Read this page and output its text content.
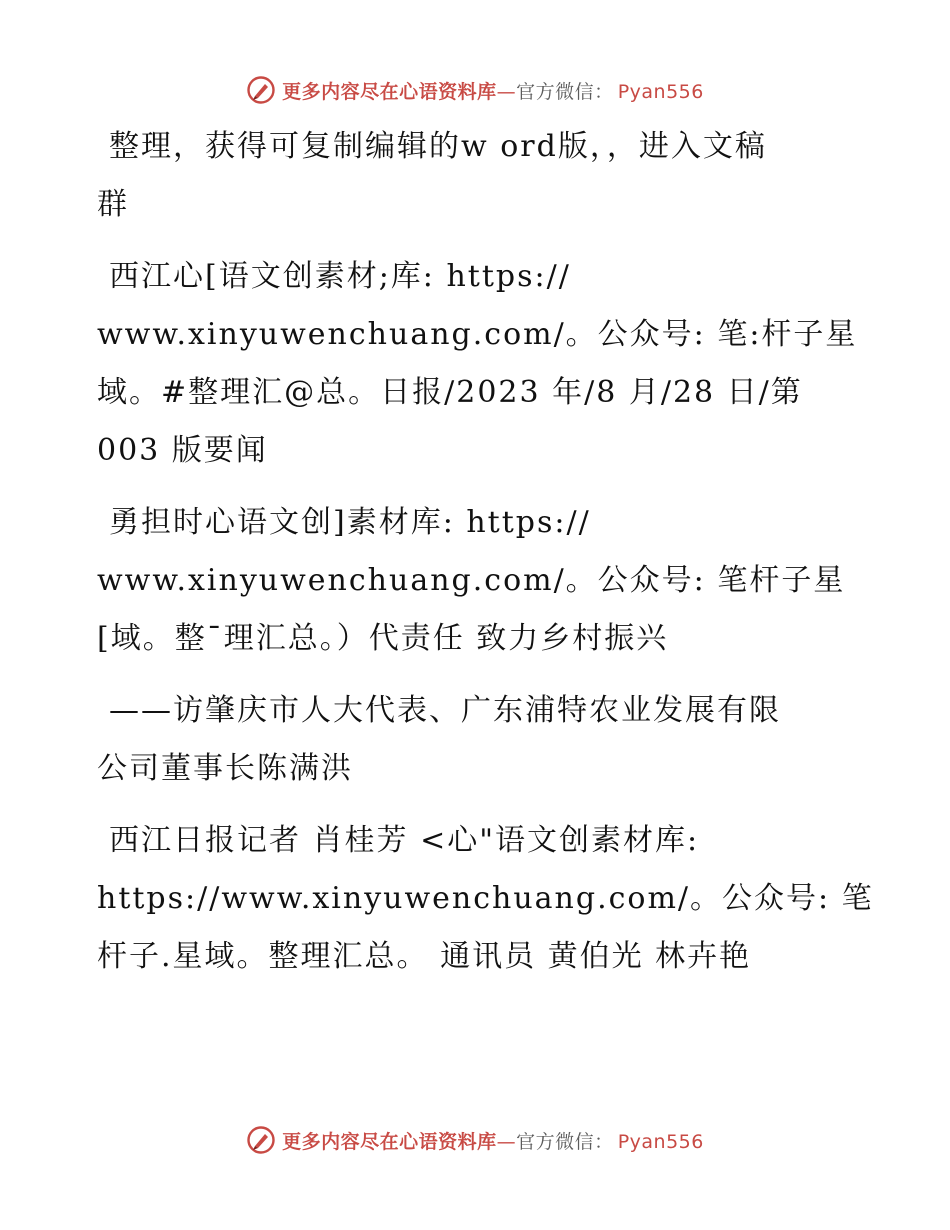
更多内容尽在心语资料库—官方微信： Pyan556
整理，获得可复制编辑的w ord版，，进入文稿
群
西江心[语文创素材;库: https://
www.xinyuwenchuang.com/。公众号: 笔:杆子星
域。#整理汇@总。日报/2023 年/8 月/28 日/第
003 版要闻
勇担时心语文创]素材库: https://
www.xinyuwenchuang.com/。公众号: 笔杆子星
[域。整¯理汇总。）代责任 致力乡村振兴
——访肇庆市人大代表、广东浦特农业发展有限
公司董事长陈满洪
西江日报记者 肖桂芳 <心"语文创素材库:
https://www.xinyuwenchuang.com/。公众号: 笔
杆子.星域。整理汇总。 通讯员 黄伯光 林卉艳
更多内容尽在心语资料库—官方微信： Pyan556
